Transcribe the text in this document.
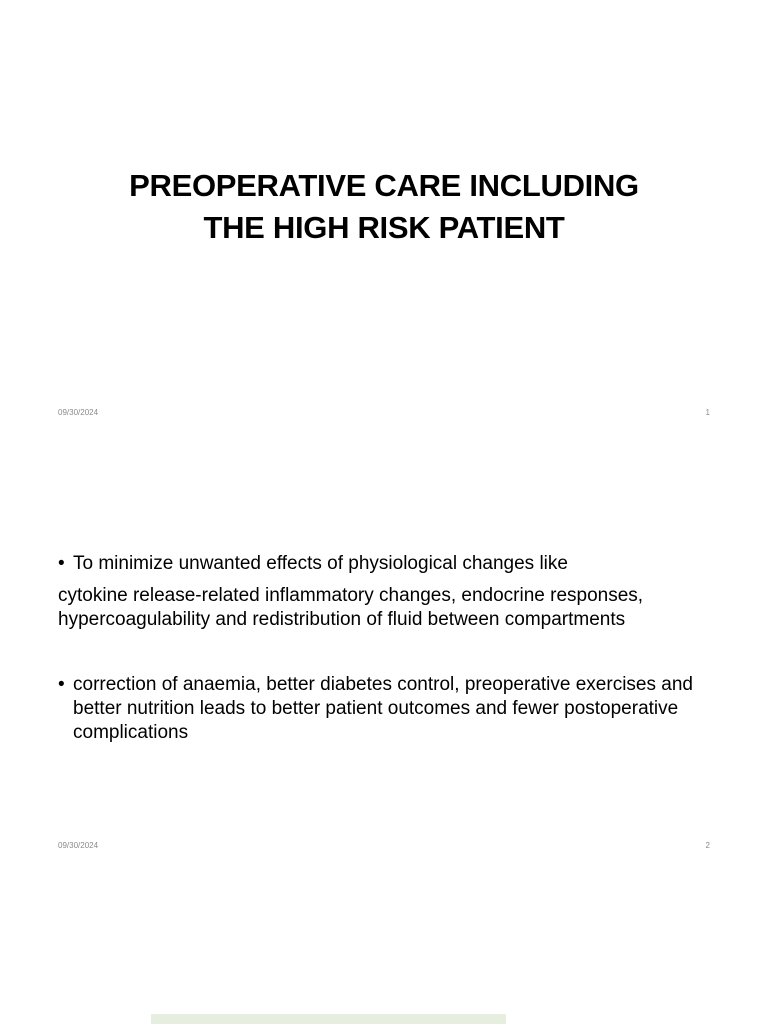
PREOPERATIVE CARE INCLUDING
THE HIGH RISK PATIENT
09/30/2024	1
• To minimize unwanted effects of physiological changes like
cytokine release-related inflammatory changes, endocrine responses, hypercoagulability and redistribution of fluid between compartments
• correction of anaemia, better diabetes control, preoperative exercises and better nutrition leads to better patient outcomes and fewer postoperative complications
09/30/2024	2
